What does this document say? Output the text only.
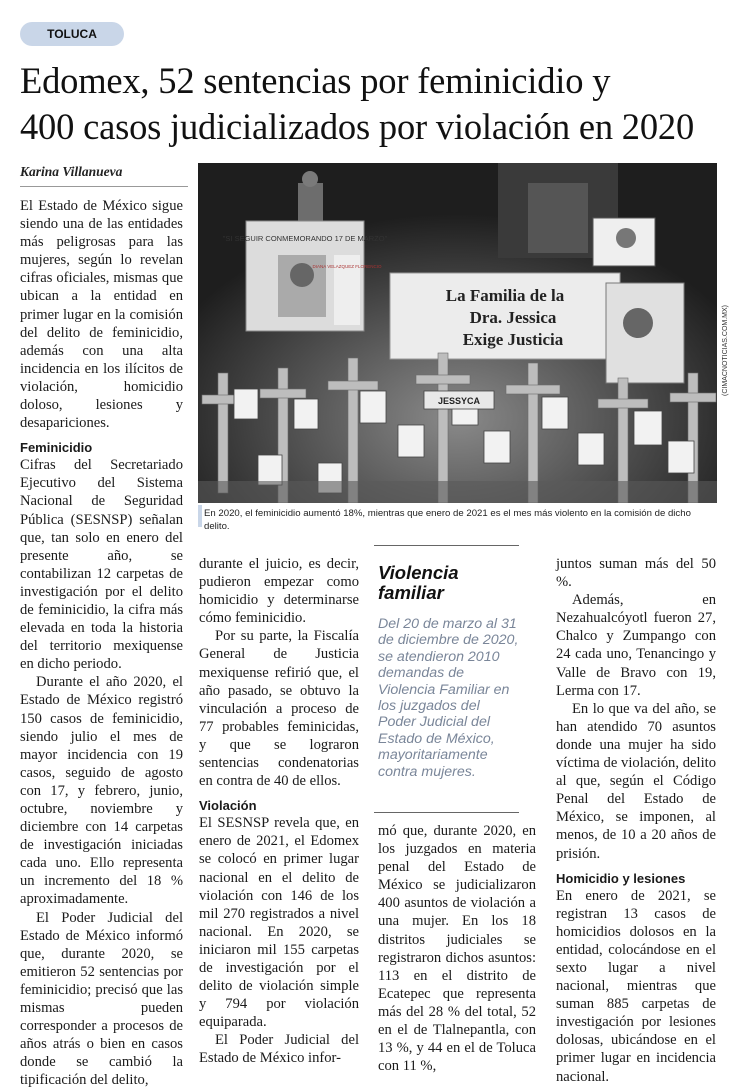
TOLUCA
Edomex, 52 sentencias por feminicidio y
400 casos judicializados por violación en 2020
Karina Villanueva
"SI SEGUIR CONMEMORANDO 17 DE MARZO"
DIANA VELAZQUEZ FLORENCIO
La Familia de la
Dra. Jessica
Exige Justicia
JESSYCA
(CIMACNOTICIAS.COM.MX)
En 2020, el feminicidio aumentó 18%, mientras que enero de 2021 es el mes más violento en la comisión de dicho delito.

El Estado de México sigue siendo una de las entidades más peligrosas para las mujeres, según lo revelan cifras oficiales, mismas que ubican a la entidad en primer lugar en la comisión del delito de feminicidio, además con una alta incidencia en los ilícitos de violación, homicidio doloso, lesiones y desapariciones.

Feminicidio

Cifras del Secretariado Ejecutivo del Sistema Nacional de Seguridad Pública (SESNSP) señalan que, tan solo en enero del presente año, se contabilizan 12 carpetas de investigación por el delito de feminicidio, la cifra más elevada en toda la historia del territorio mexiquense en dicho periodo.

Durante el año 2020, el Estado de México registró 150 casos de feminicidio, siendo julio el mes de mayor incidencia con 19 casos, seguido de agosto con 17, y febrero, junio, octubre, noviembre y diciembre con 14 carpetas de investigación iniciadas cada uno. Ello representa un incremento del 18 % aproximadamente.

El Poder Judicial del Estado de México informó que, durante 2020, se emitieron 52 sentencias por feminicidio; precisó que las mismas pueden corresponder a procesos de años atrás o bien en casos donde se cambió la tipificación del delito,

durante el juicio, es decir, pudieron empezar como homicidio y determinarse cómo feminicidio.

Por su parte, la Fiscalía General de Justicia mexiquense refirió que, el año pasado, se obtuvo la vinculación a proceso de 77 probables feminicidas, y que se lograron sentencias condenatorias en contra de 40 de ellos.

Violación

El SESNSP revela que, en enero de 2021, el Edomex se colocó en primer lugar nacional en el delito de violación con 146 de los mil 270 registrados a nivel nacional. En 2020, se iniciaron mil 155 carpetas de investigación por el delito de violación simple y 794 por violación equiparada.

El Poder Judicial del Estado de México infor-

Violencia familiar
Del 20 de marzo al 31 de diciembre de 2020, se atendieron 2010 demandas de Violencia Familiar en los juzgados del Poder Judicial del Estado de México, mayoritariamente contra mujeres.

mó que, durante 2020, en los juzgados en materia penal del Estado de México se judicializaron 400 asuntos de violación a una mujer. En los 18 distritos judiciales se registraron dichos asuntos: 113 en el distrito de Ecatepec que representa más del 28 % del total, 52 en el de Tlalnepantla, con 13 %, y 44 en el de Toluca con 11 %,

juntos suman más del 50 %.

Además, en Nezahualcóyotl fueron 27, Chalco y Zumpango con 24 cada uno, Tenancingo y Valle de Bravo con 19, Lerma con 17.

En lo que va del año, se han atendido 70 asuntos donde una mujer ha sido víctima de violación, delito al que, según el Código Penal del Estado de México, se imponen, al menos, de 10 a 20 años de prisión.

Homicidio y lesiones

En enero de 2021, se registran 13 casos de homicidios dolosos en la entidad, colocándose en el sexto lugar a nivel nacional, mientras que suman 885 carpetas de investigación por lesiones dolosas, ubicándose en el primer lugar en incidencia nacional.
